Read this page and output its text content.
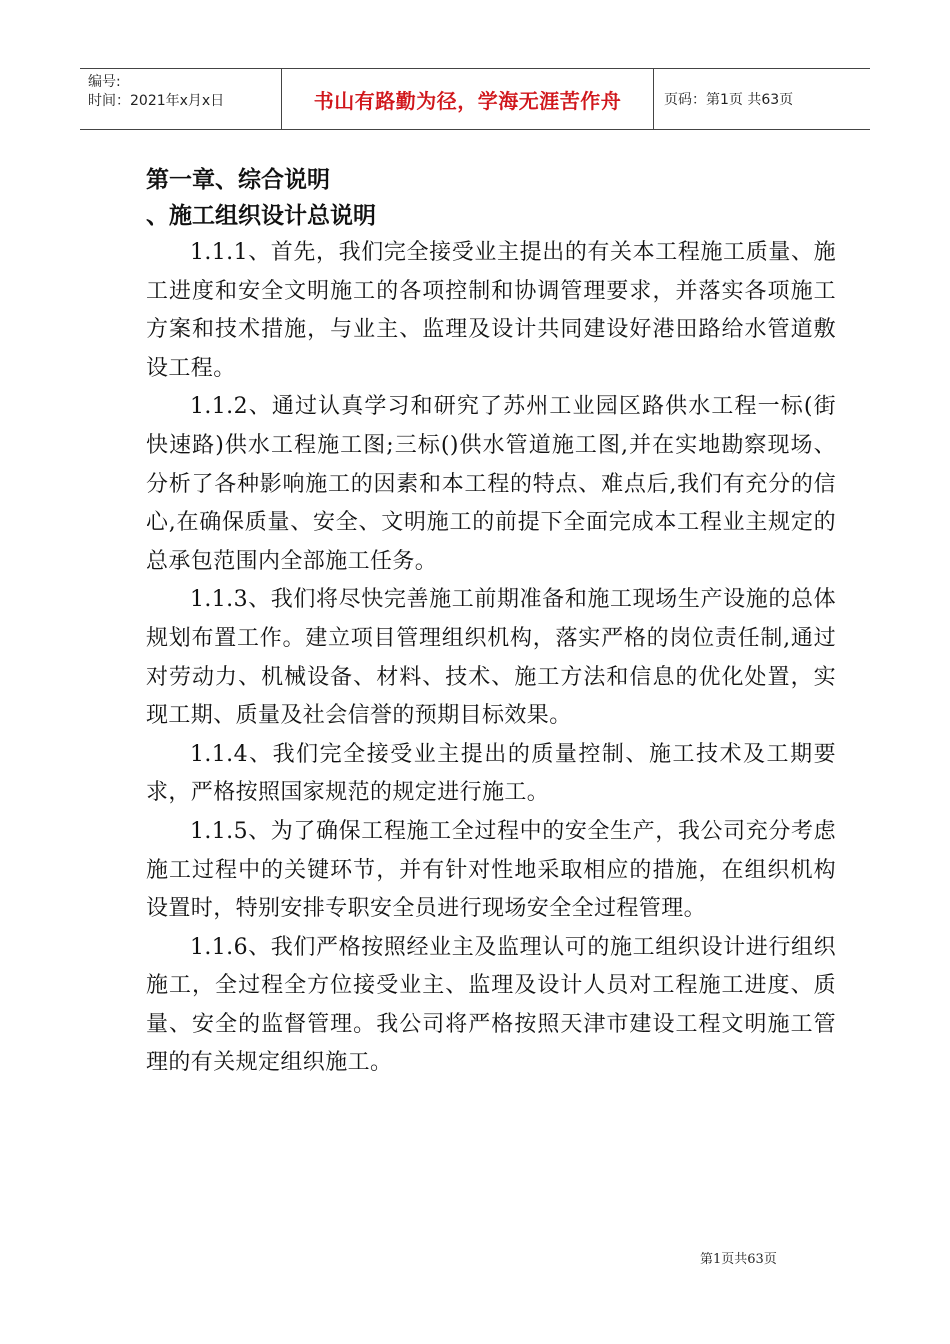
编号:
时间：2021年x月x日	书山有路勤为径，学海无涯苦作舟	页码：第1页 共63页

第一章、综合说明

、施工组织设计总说明

1.1.1、首先，我们完全接受业主提出的有关本工程施工质量、施工进度和安全文明施工的各项控制和协调管理要求，并落实各项施工方案和技术措施，与业主、监理及设计共同建设好港田路给水管道敷设工程。

1.1.2、通过认真学习和研究了苏州工业园区路供水工程一标(街快速路)供水工程施工图;三标()供水管道施工图,并在实地勘察现场、分析了各种影响施工的因素和本工程的特点、难点后,我们有充分的信心,在确保质量、安全、文明施工的前提下全面完成本工程业主规定的总承包范围内全部施工任务。

1.1.3、我们将尽快完善施工前期准备和施工现场生产设施的总体规划布置工作。建立项目管理组织机构，落实严格的岗位责任制,通过对劳动力、机械设备、材料、技术、施工方法和信息的优化处置，实现工期、质量及社会信誉的预期目标效果。

1.1.4、我们完全接受业主提出的质量控制、施工技术及工期要求，严格按照国家规范的规定进行施工。

1.1.5、为了确保工程施工全过程中的安全生产，我公司充分考虑施工过程中的关键环节，并有针对性地采取相应的措施，在组织机构设置时，特别安排专职安全员进行现场安全全过程管理。

1.1.6、我们严格按照经业主及监理认可的施工组织设计进行组织施工，全过程全方位接受业主、监理及设计人员对工程施工进度、质量、安全的监督管理。我公司将严格按照天津市建设工程文明施工管理的有关规定组织施工。

第1页共63页
